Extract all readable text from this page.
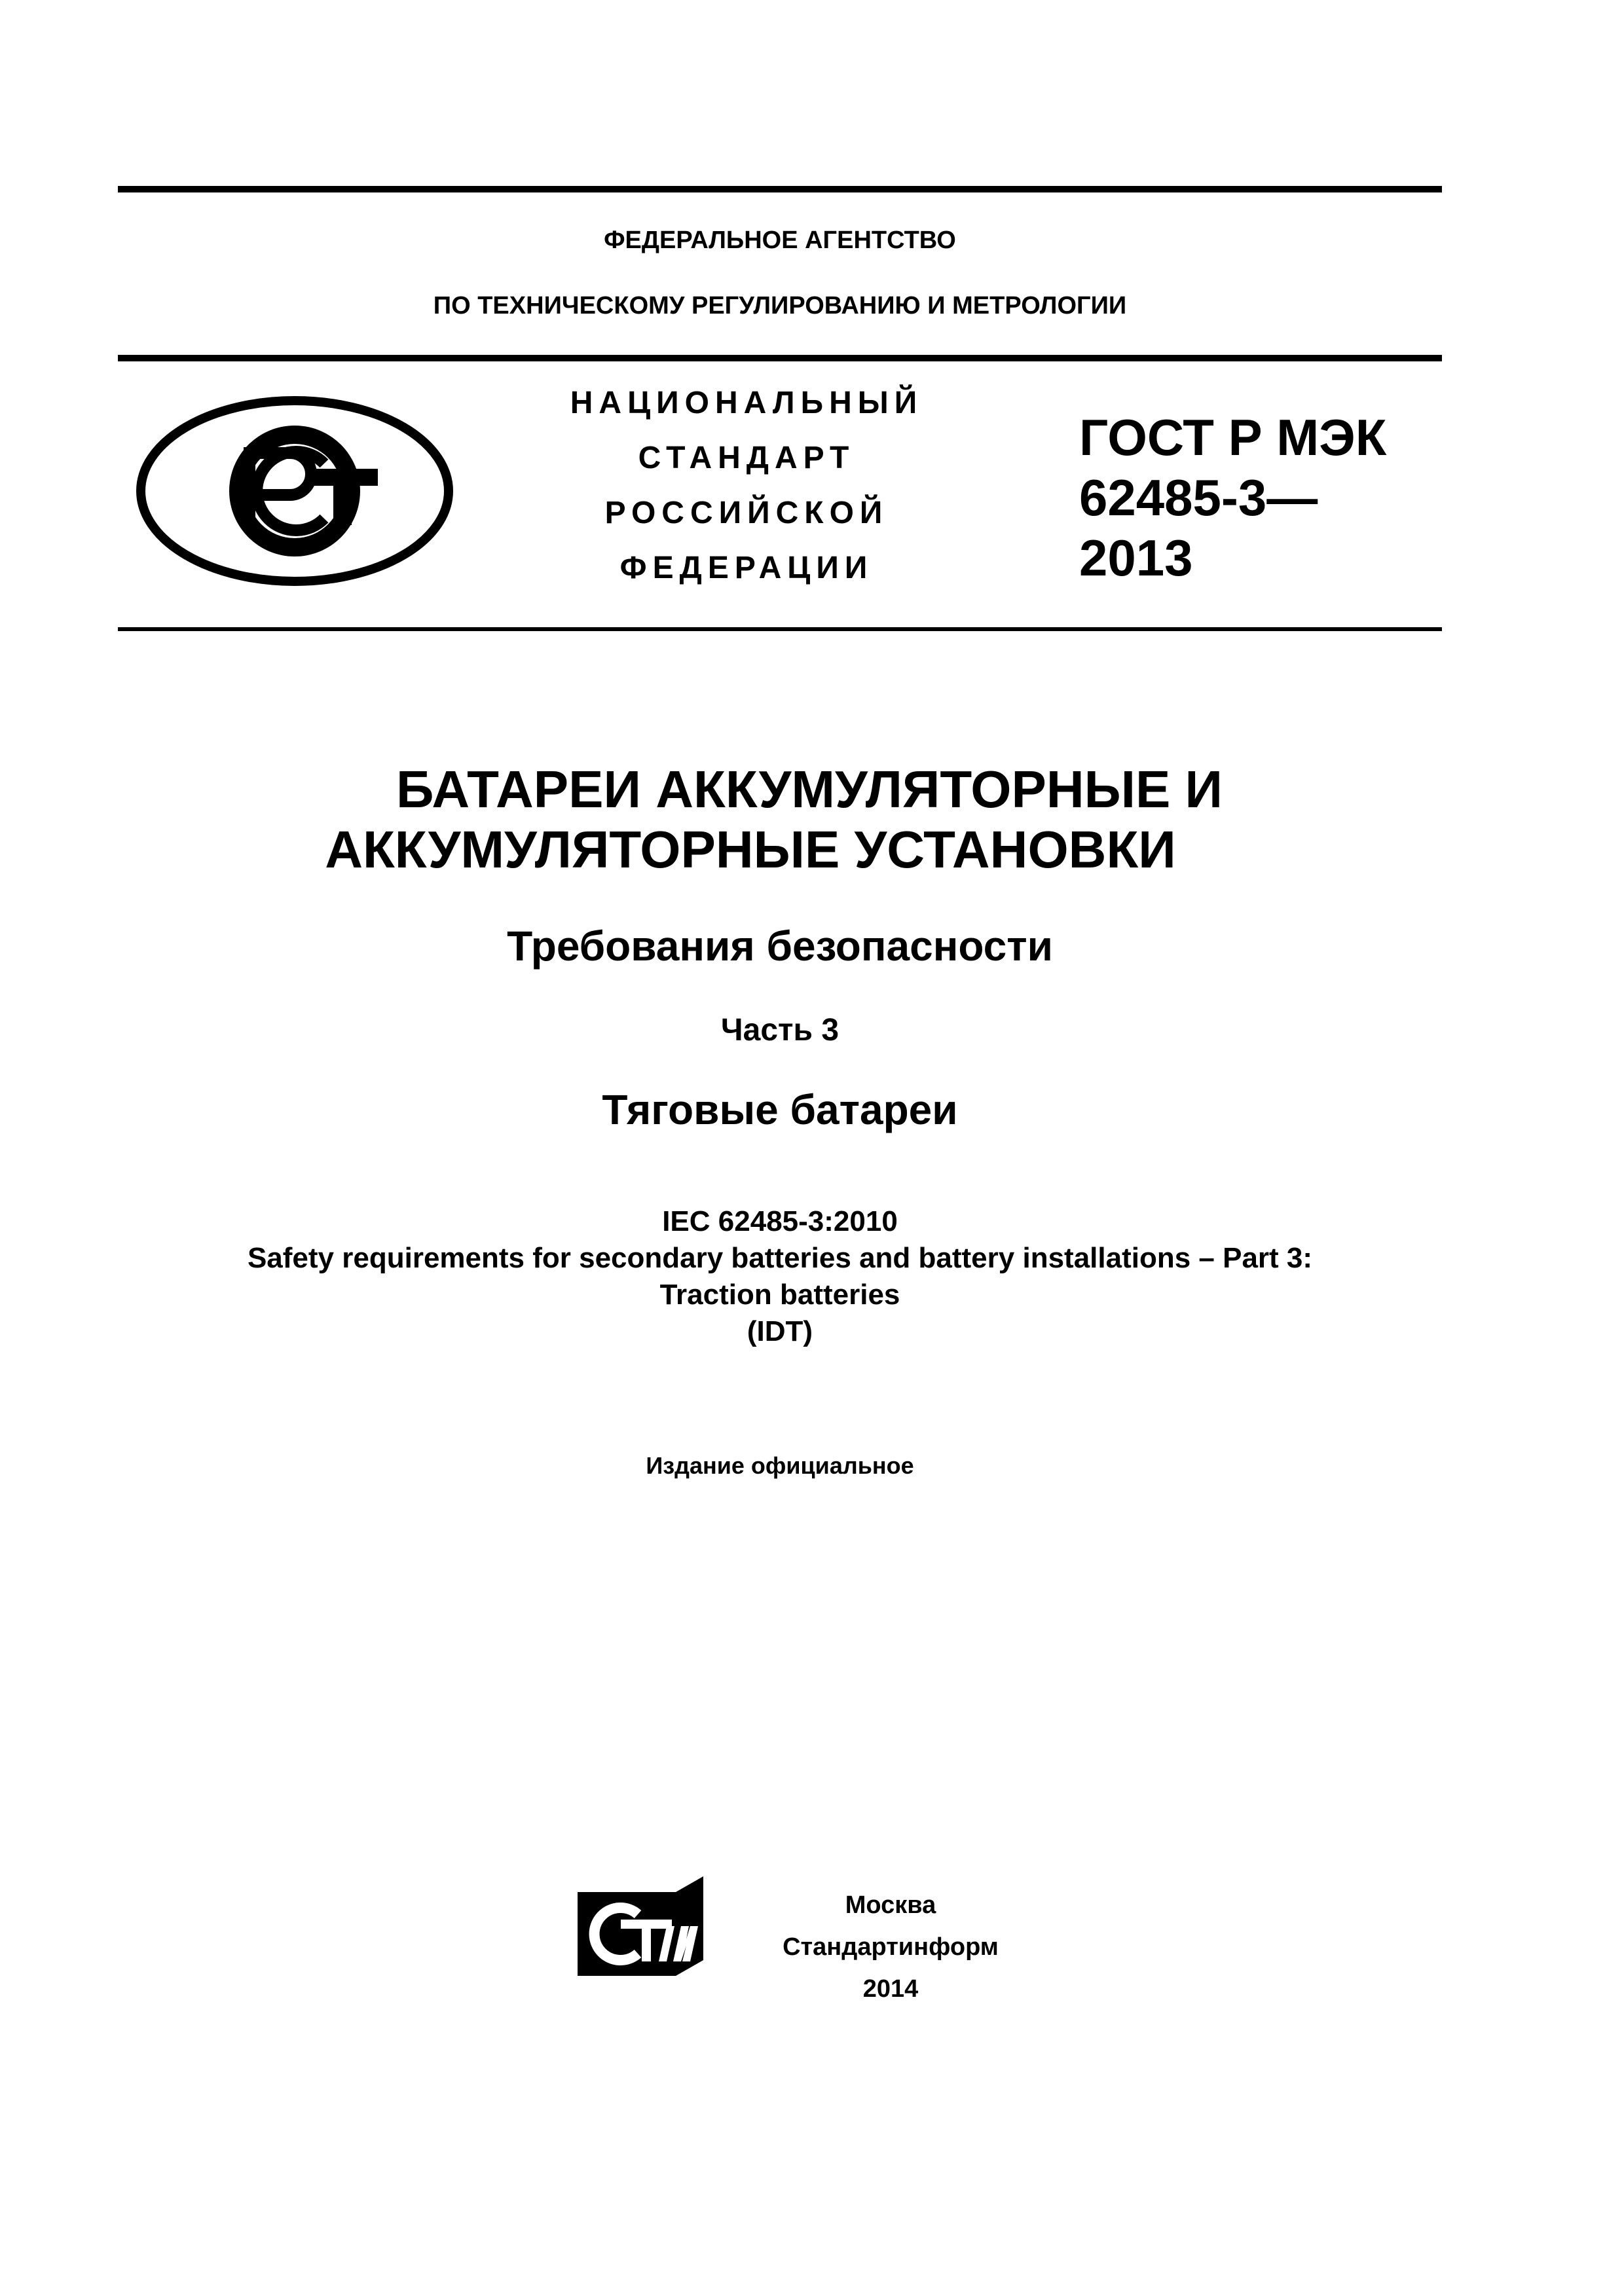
ФЕДЕРАЛЬНОЕ АГЕНТСТВО
ПО ТЕХНИЧЕСКОМУ РЕГУЛИРОВАНИЮ И МЕТРОЛОГИИ
НАЦИОНАЛЬНЫЙ
СТАНДАРТ
РОССИЙСКОЙ
ФЕДЕРАЦИИ
ГОСТ Р МЭК
62485-3—
2013
БАТАРЕИ АККУМУЛЯТОРНЫЕ И
АККУМУЛЯТОРНЫЕ УСТАНОВКИ
Требования безопасности
Часть 3
Тяговые батареи
IEC 62485-3:2010
Safety requirements for secondary batteries and battery installations – Part 3:
Traction batteries
(IDT)
Издание официальное
Москва
Стандартинформ
2014
